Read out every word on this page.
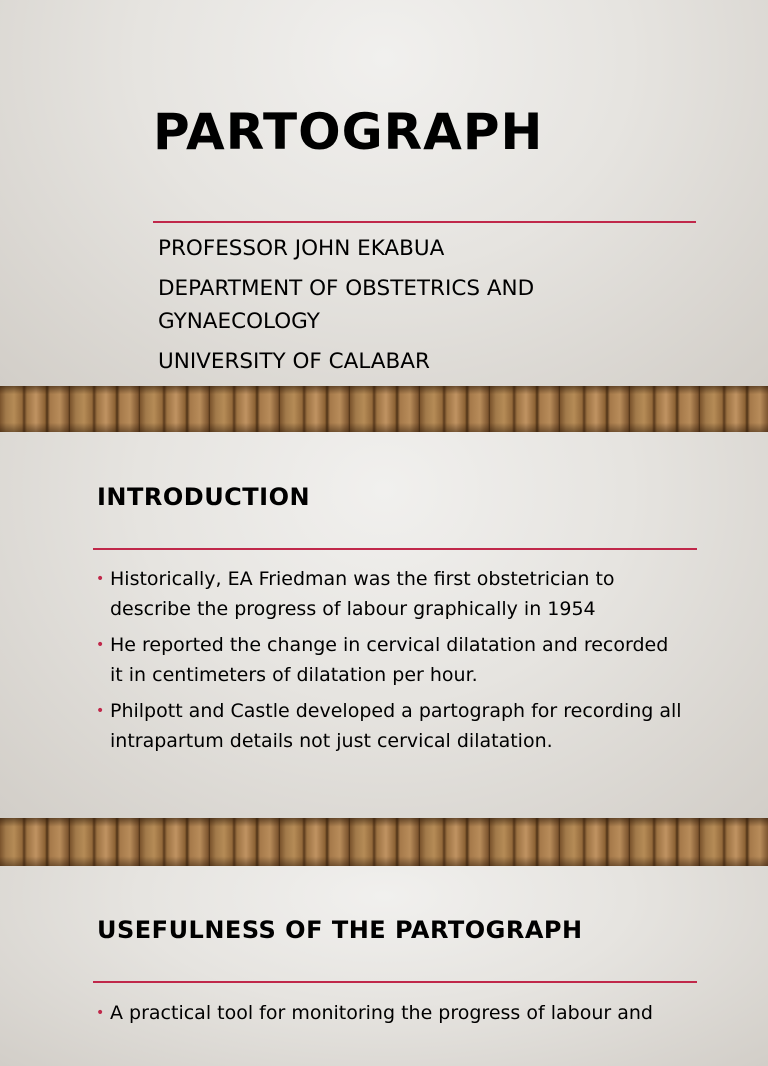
PARTOGRAPH

PROFESSOR JOHN EKABUA

DEPARTMENT OF OBSTETRICS AND GYNAECOLOGY

UNIVERSITY OF CALABAR

INTRODUCTION
• Historically, EA Friedman was the first obstetrician to describe the progress of labour graphically in 1954
• He reported the change in cervical dilatation and recorded it in centimeters of dilatation per hour.
• Philpott and Castle developed a partograph for recording all intrapartum details not just cervical dilatation.
USEFULNESS OF THE PARTOGRAPH
• A practical tool for monitoring the progress of labour and
